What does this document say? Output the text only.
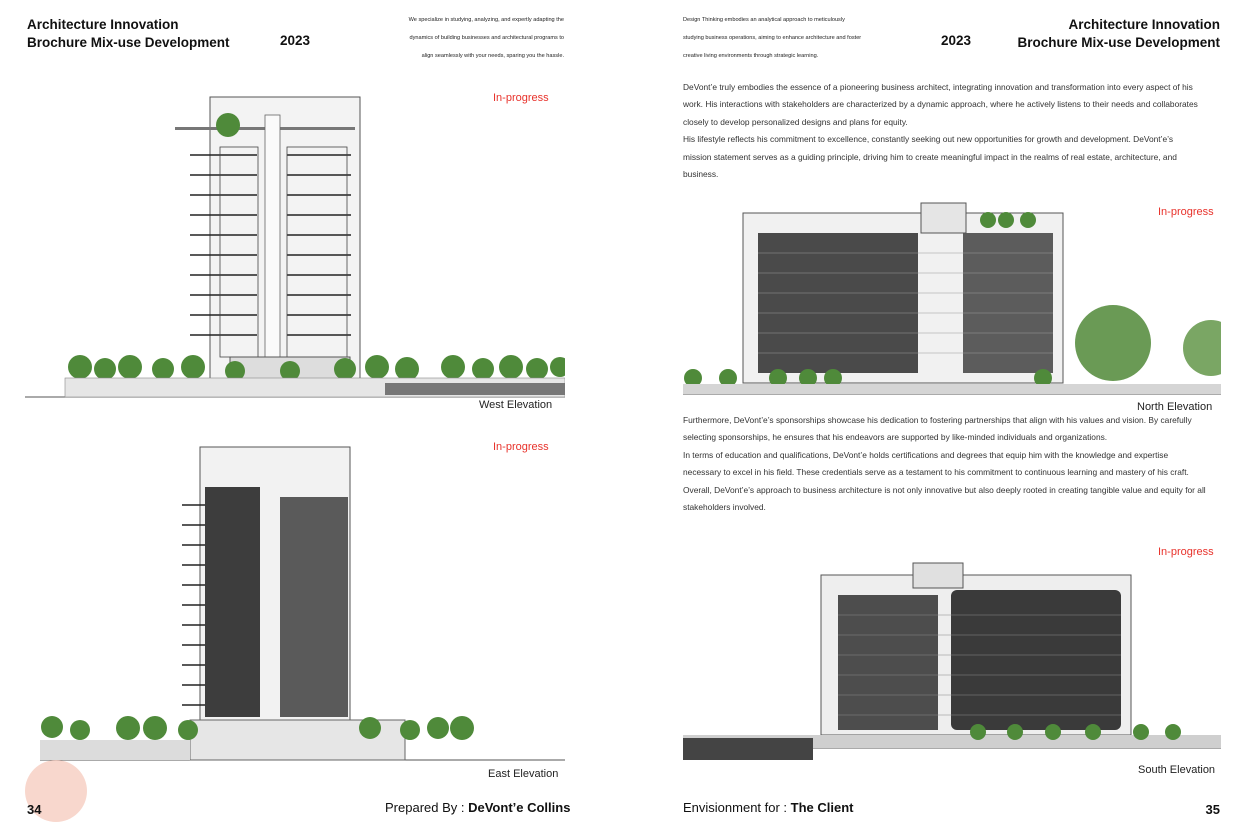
Architecture Innovation
Brochure Mix-use Development	2023
We specialize in studying, analyzing, and expertly adapting the
dynamics of building businesses and architectural programs to
align seamlessly with your needs, sparing you the hassle.
In-progress
West Elevation
In-progress
East Elevation
34	Prepared By : DeVont’e Collins
Design Thinking embodies an analytical approach to meticulously
studying business operations, aiming to enhance architecture and foster
creative living environments through strategic learning.
2023
Architecture Innovation
Brochure Mix-use Development
DeVont’e truly embodies the essence of a pioneering business architect, integrating innovation and transformation into every aspect of his
work. His interactions with stakeholders are characterized by a dynamic approach, where he actively listens to their needs and collaborates
closely to develop personalized designs and plans for equity.
His lifestyle reflects his commitment to excellence, constantly seeking out new opportunities for growth and development. DeVont’e’s
mission statement serves as a guiding principle, driving him to create meaningful impact in the realms of real estate, architecture, and
business.
In-progress
North Elevation
Furthermore, DeVont’e’s sponsorships showcase his dedication to fostering partnerships that align with his values and vision. By carefully
selecting sponsorships, he ensures that his endeavors are supported by like-minded individuals and organizations.
In terms of education and qualifications, DeVont’e holds certifications and degrees that equip him with the knowledge and expertise
necessary to excel in his field. These credentials serve as a testament to his commitment to continuous learning and mastery of his craft.
Overall, DeVont’e’s approach to business architecture is not only innovative but also deeply rooted in creating tangible value and equity for all
stakeholders involved.
In-progress
South Elevation
Envisionment for : The Client	35
